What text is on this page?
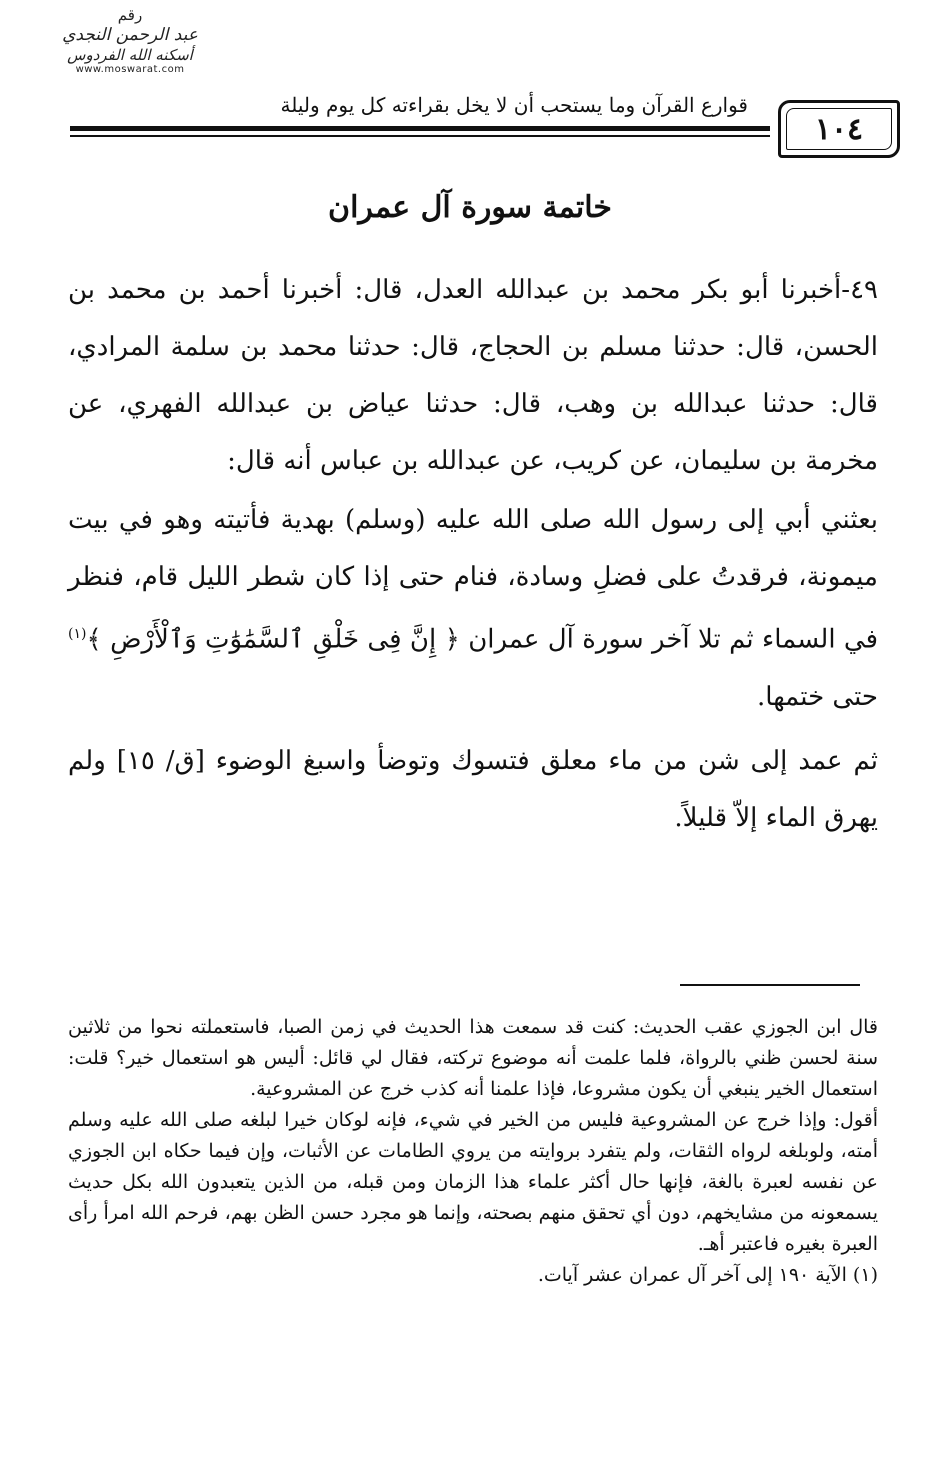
رقم
عبد الرحمن النجدي
أسكنه الله الفردوس
www.moswarat.com
قوارع القرآن وما يستحب أن لا يخل بقراءته كل يوم وليلة
١٠٤
خاتمة سورة آل عمران

٤٩-أخبرنا أبو بكر محمد بن عبدالله العدل، قال: أخبرنا أحمد بن محمد بن الحسن، قال: حدثنا مسلم بن الحجاج، قال: حدثنا محمد بن سلمة المرادي، قال: حدثنا عبدالله بن وهب، قال: حدثنا عياض بن عبدالله الفهري، عن مخرمة بن سليمان، عن كريب، عن عبدالله بن عباس أنه قال:

بعثني أبي إلى رسول الله صلى الله عليه (وسلم) بهدية فأتيته وهو في بيت ميمونة، فرقدتُ على فضلِ وسادة، فنام حتى إذا كان شطر الليل قام، فنظر في السماء ثم تلا آخر سورة آل عمران ﴿ إِنَّ فِى خَلْقِ ٱلسَّمَٰوَٰتِ وَٱلْأَرْضِ ﴾$^{(١)}$ حتى ختمها.

ثم عمد إلى شن من ماء معلق فتسوك وتوضأ واسبغ الوضوء [ق/ ١٥] ولم يهرق الماء إلاّ قليلاً.

قال ابن الجوزي عقب الحديث: كنت قد سمعت هذا الحديث في زمن الصبا، فاستعملته نحوا من ثلاثين سنة لحسن ظني بالرواة، فلما علمت أنه موضوع تركته، فقال لي قائل: أليس هو استعمال خير؟ قلت: استعمال الخير ينبغي أن يكون مشروعا، فإذا علمنا أنه كذب خرج عن المشروعية.

أقول: وإذا خرج عن المشروعية فليس من الخير في شيء، فإنه لوكان خيرا لبلغه صلى الله عليه وسلم أمته، ولوبلغه لرواه الثقات، ولم يتفرد بروايته من يروي الطامات عن الأثبات، وإن فيما حكاه ابن الجوزي عن نفسه لعبرة بالغة، فإنها حال أكثر علماء هذا الزمان ومن قبله، من الذين يتعبدون الله بكل حديث يسمعونه من مشايخهم، دون أي تحقق منهم بصحته، وإنما هو مجرد حسن الظن بهم، فرحم الله امرأ رأى العبرة بغيره فاعتبر أهـ.

(١) الآية ١٩٠ إلى آخر آل عمران عشر آيات.
